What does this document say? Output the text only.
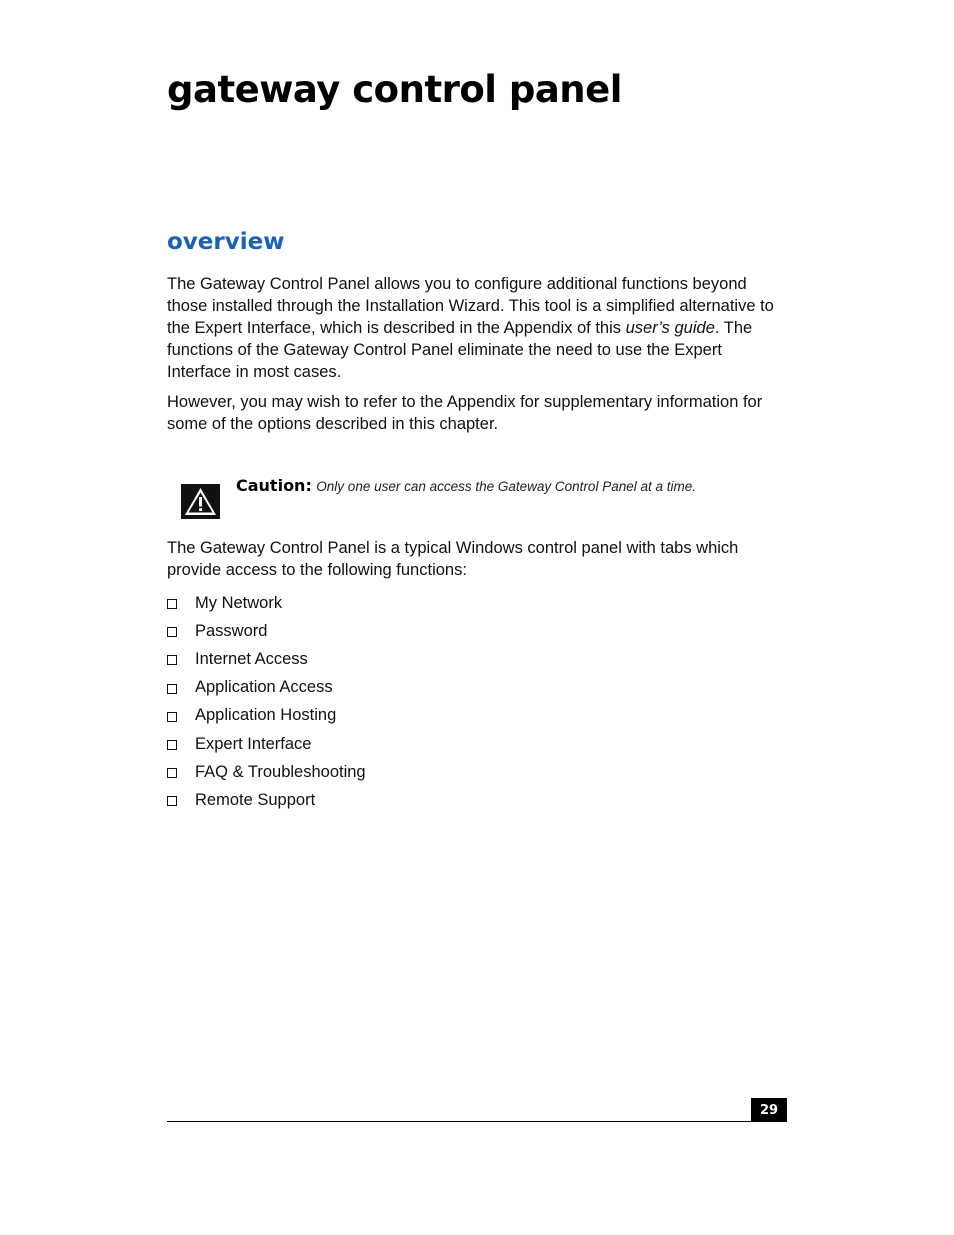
gateway control panel
overview

The Gateway Control Panel allows you to configure additional functions beyond those installed through the Installation Wizard. This tool is a simplified alternative to the Expert Interface, which is described in the Appendix of this user’s guide. The functions of the Gateway Control Panel eliminate the need to use the Expert Interface in most cases.

However, you may wish to refer to the Appendix for supplementary information for some of the options described in this chapter.

Caution: Only one user can access the Gateway Control Panel at a time.

The Gateway Control Panel is a typical Windows control panel with tabs which provide access to the following functions:

My Network
Password
Internet Access
Application Access
Application Hosting
Expert Interface
FAQ & Troubleshooting
Remote Support
29
